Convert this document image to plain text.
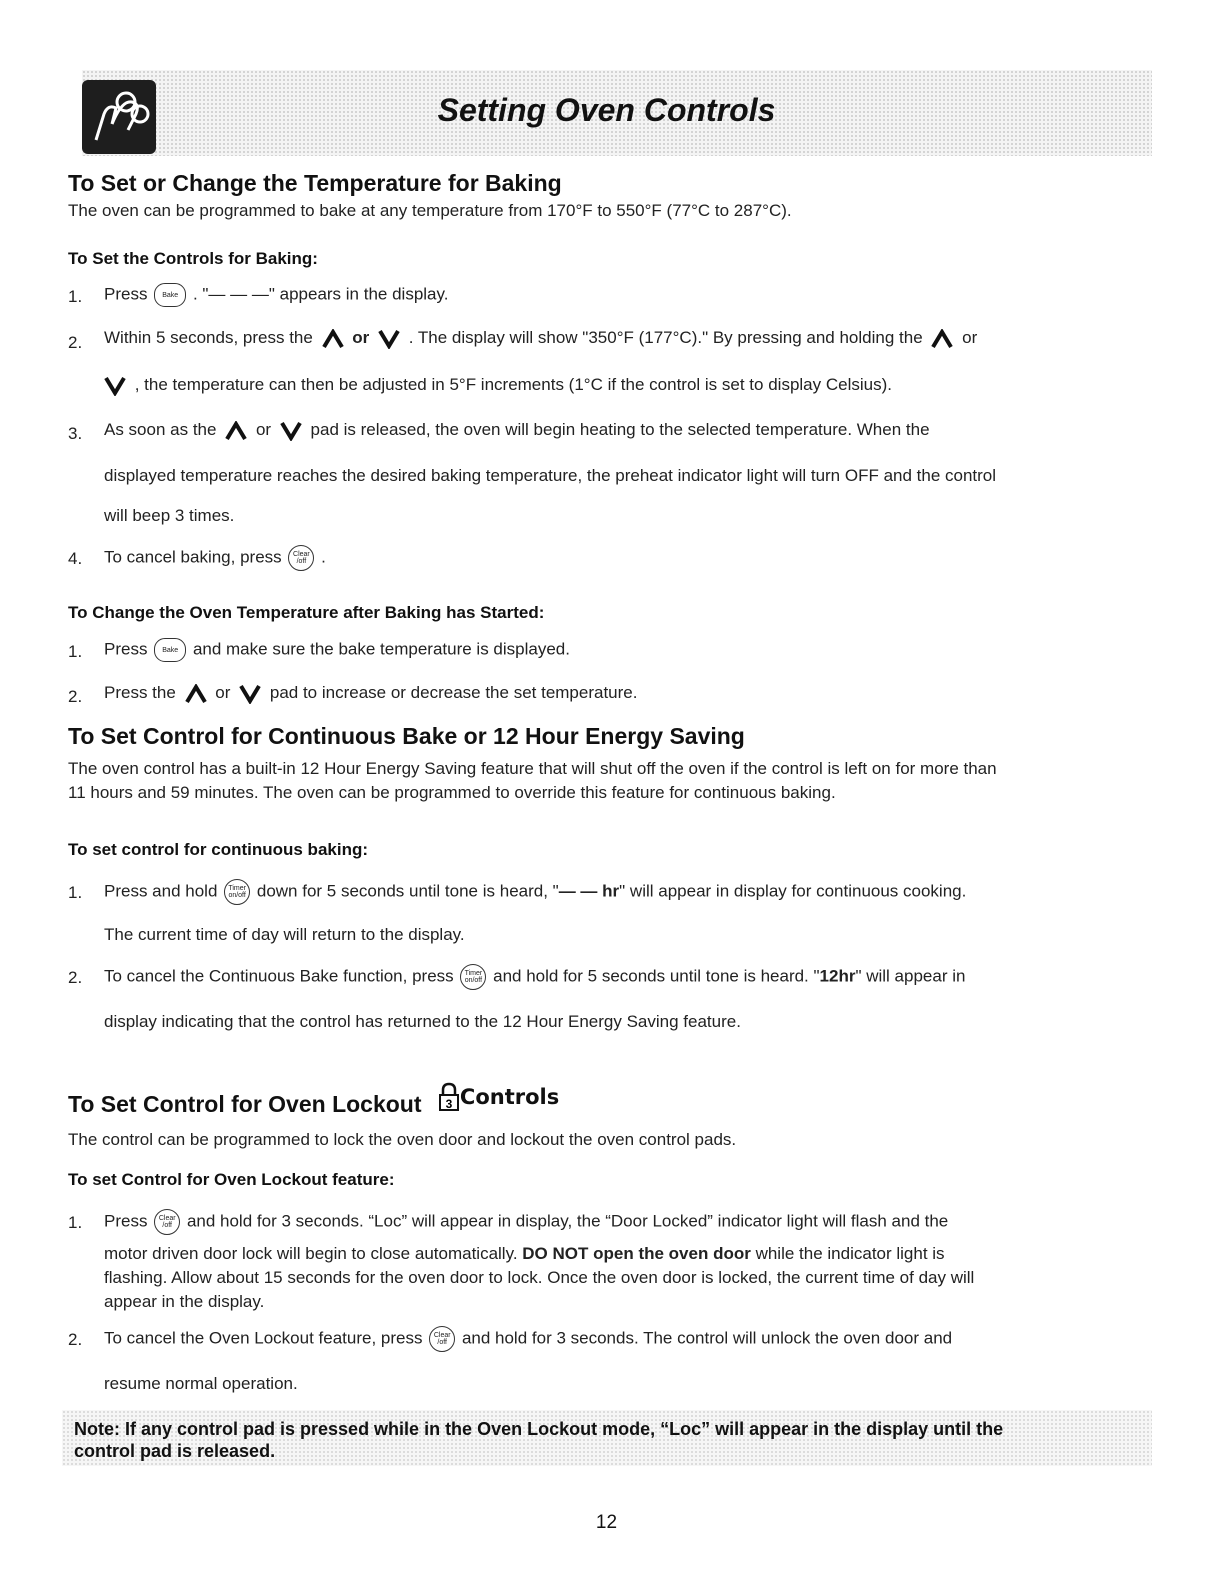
Setting Oven Controls
To Set or Change the Temperature for Baking
The oven can be programmed to bake at any temperature from 170°F to 550°F (77°C to 287°C).
To Set the Controls for Baking:
1. Press Bake . "— — —" appears in the display.
2. Within 5 seconds, press the or . The display will show "350°F (177°C)." By pressing and holding the or
, the temperature can then be adjusted in 5°F increments (1°C if the control is set to display Celsius).
3. As soon as the or pad is released, the oven will begin heating to the selected temperature. When the
displayed temperature reaches the desired baking temperature, the preheat indicator light will turn OFF and the control
will beep 3 times.
4. To cancel baking, press Clear
/off .
To Change the Oven Temperature after Baking has Started:
1. Press Bake and make sure the bake temperature is displayed.
2. Press the or pad to increase or decrease the set temperature.
To Set Control for Continuous Bake or 12 Hour Energy Saving
The oven control has a built-in 12 Hour Energy Saving feature that will shut off the oven if the control is left on for more than
11 hours and 59 minutes. The oven can be programmed to override this feature for continuous baking.
To set control for continuous baking:
1. Press and hold Timer
on/off down for 5 seconds until tone is heard, "— — hr" will appear in display for continuous cooking.
The current time of day will return to the display.
2. To cancel the Continuous Bake function, press Timer
on/off and hold for 5 seconds until tone is heard. "12hr" will appear in
display indicating that the control has returned to the 12 Hour Energy Saving feature.
To Set Control for Oven Lockout 3 Controls
The control can be programmed to lock the oven door and lockout the oven control pads.
To set Control for Oven Lockout feature:
1. Press Clear
/off and hold for 3 seconds. “Loc” will appear in display, the “Door Locked” indicator light will flash and the
motor driven door lock will begin to close automatically. DO NOT open the oven door while the indicator light is
flashing. Allow about 15 seconds for the oven door to lock. Once the oven door is locked, the current time of day will
appear in the display.
2. To cancel the Oven Lockout feature, press Clear
/off and hold for 3 seconds. The control will unlock the oven door and
resume normal operation.
Note: If any control pad is pressed while in the Oven Lockout mode, “Loc” will appear in the display until the
control pad is released.
12
